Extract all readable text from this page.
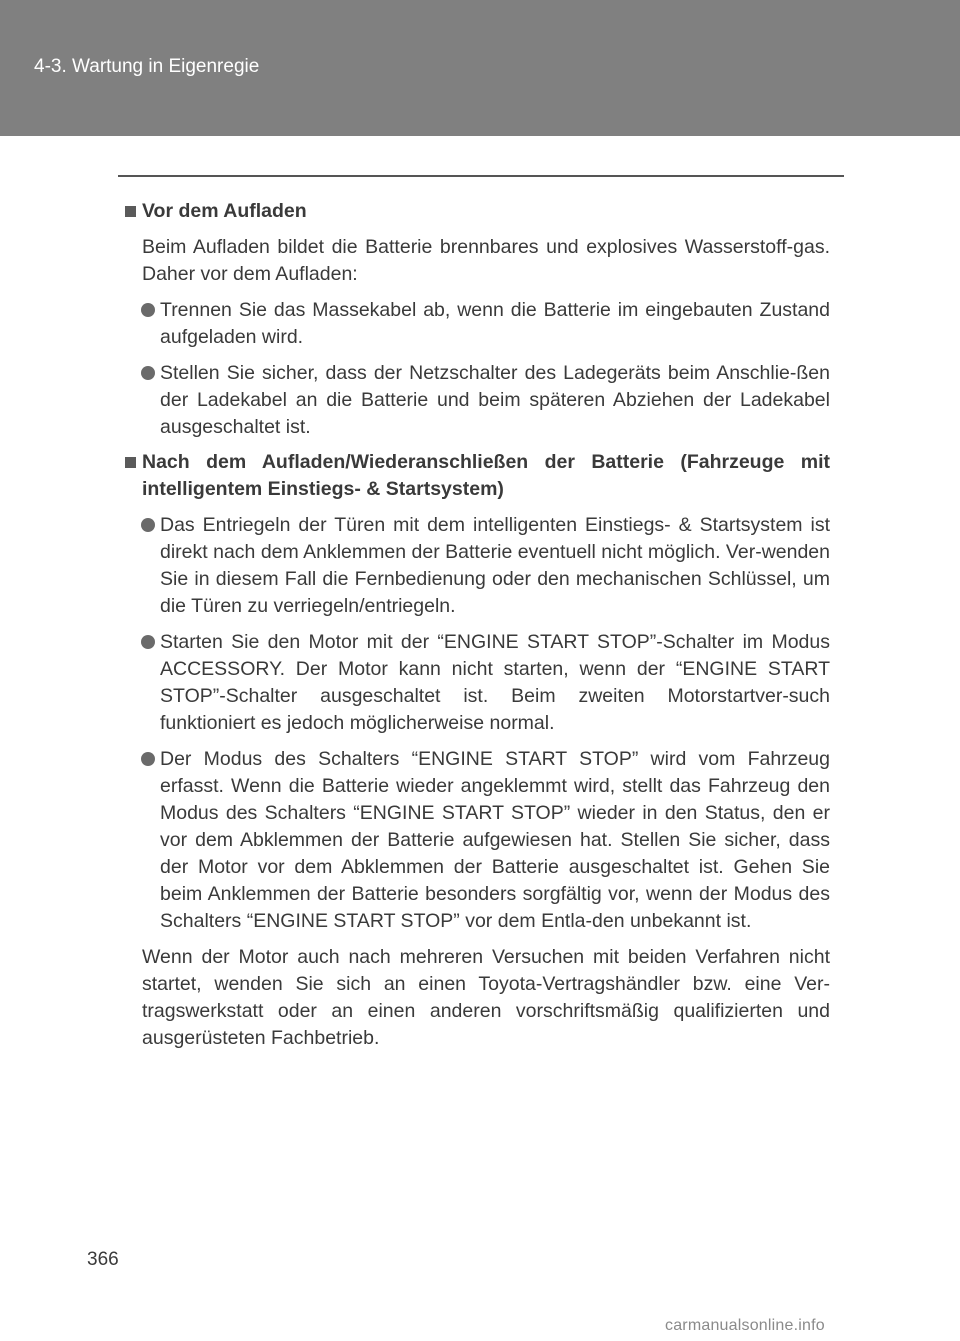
4-3. Wartung in Eigenregie
Vor dem Aufladen
Beim Aufladen bildet die Batterie brennbares und explosives Wasserstoff-gas. Daher vor dem Aufladen:
Trennen Sie das Massekabel ab, wenn die Batterie im eingebauten Zustand aufgeladen wird.
Stellen Sie sicher, dass der Netzschalter des Ladegeräts beim Anschlie-ßen der Ladekabel an die Batterie und beim späteren Abziehen der Ladekabel ausgeschaltet ist.
Nach dem Aufladen/Wiederanschließen der Batterie (Fahrzeuge mit intelligentem Einstiegs- & Startsystem)
Das Entriegeln der Türen mit dem intelligenten Einstiegs- & Startsystem ist direkt nach dem Anklemmen der Batterie eventuell nicht möglich. Ver-wenden Sie in diesem Fall die Fernbedienung oder den mechanischen Schlüssel, um die Türen zu verriegeln/entriegeln.
Starten Sie den Motor mit der “ENGINE START STOP”-Schalter im Modus ACCESSORY. Der Motor kann nicht starten, wenn der “ENGINE START STOP”-Schalter ausgeschaltet ist. Beim zweiten Motorstartver-such funktioniert es jedoch möglicherweise normal.
Der Modus des Schalters “ENGINE START STOP” wird vom Fahrzeug erfasst. Wenn die Batterie wieder angeklemmt wird, stellt das Fahrzeug den Modus des Schalters “ENGINE START STOP” wieder in den Status, den er vor dem Abklemmen der Batterie aufgewiesen hat. Stellen Sie sicher, dass der Motor vor dem Abklemmen der Batterie ausgeschaltet ist. Gehen Sie beim Anklemmen der Batterie besonders sorgfältig vor, wenn der Modus des Schalters “ENGINE START STOP” vor dem Entla-den unbekannt ist.
Wenn der Motor auch nach mehreren Versuchen mit beiden Verfahren nicht startet, wenden Sie sich an einen Toyota-Vertragshändler bzw. eine Ver-tragswerkstatt oder an einen anderen vorschriftsmäßig qualifizierten und ausgerüsteten Fachbetrieb.
366
carmanualsonline.info
